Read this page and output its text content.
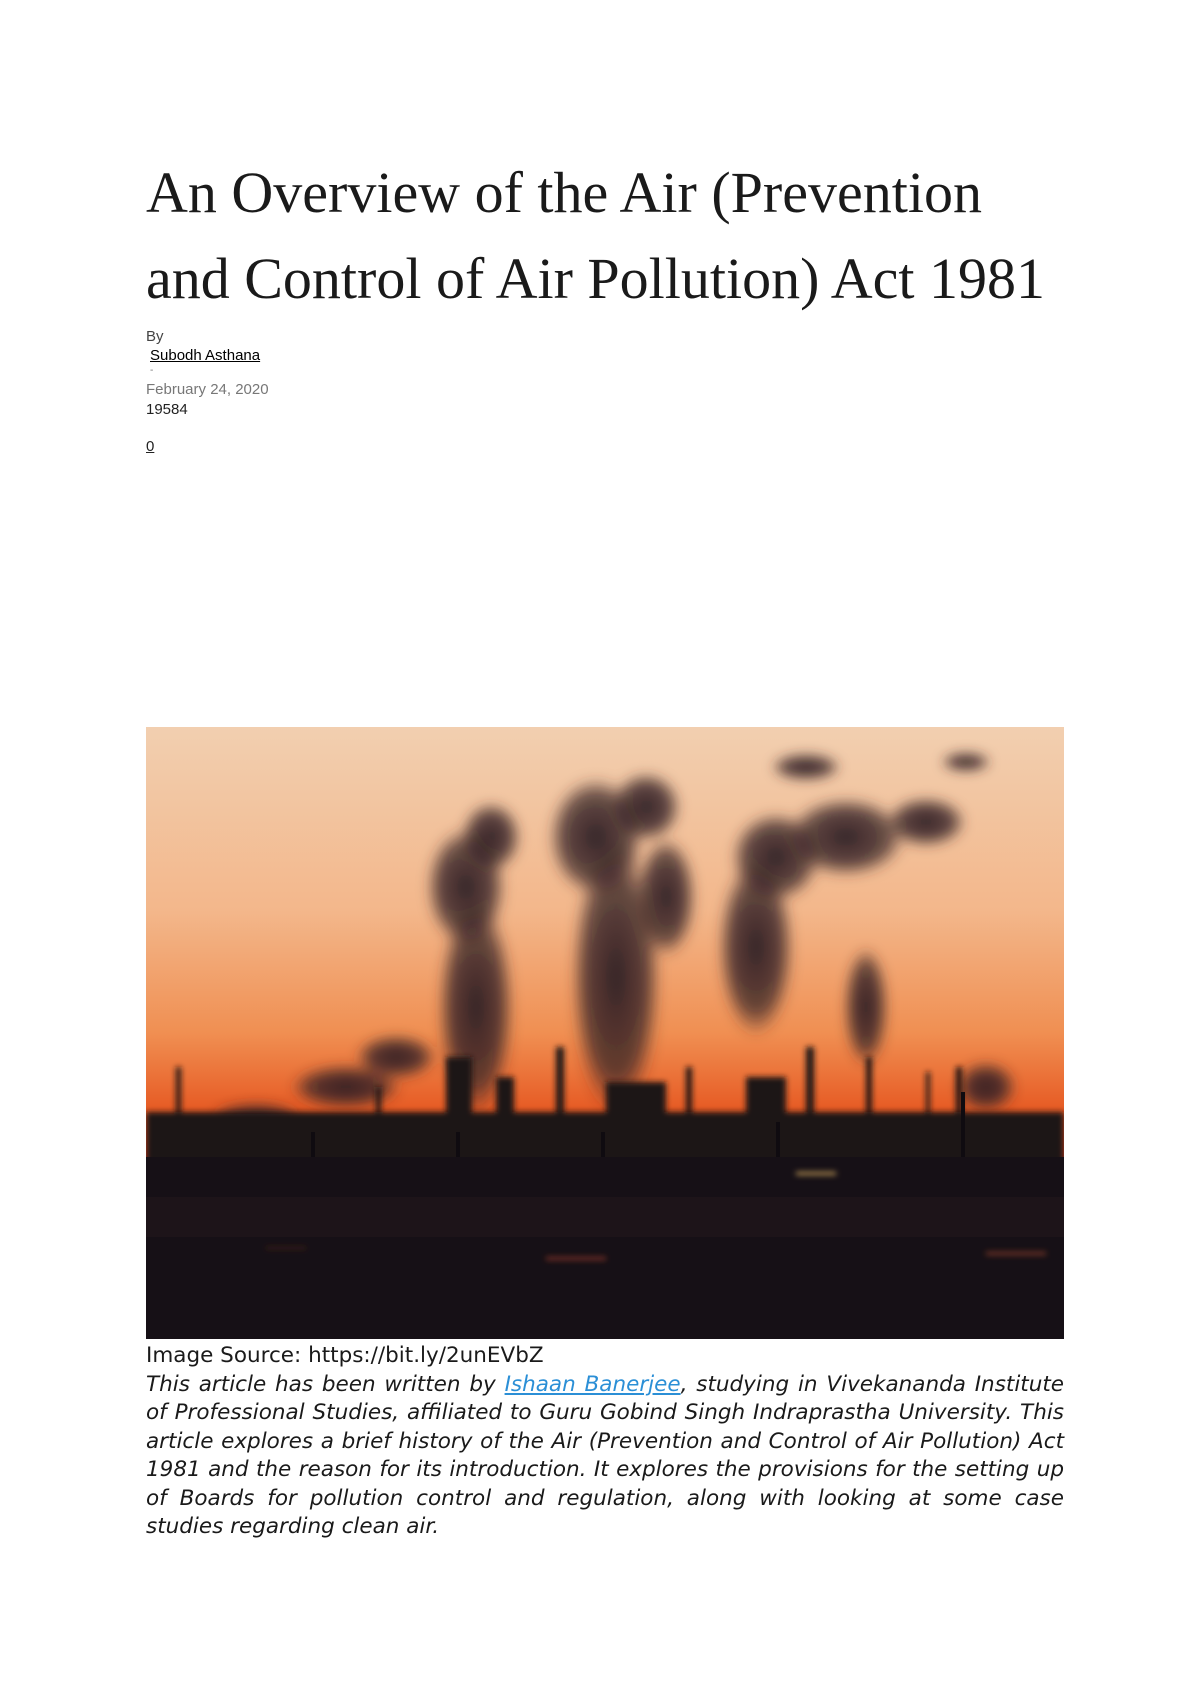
An Overview of the Air (Prevention and Control of Air Pollution) Act 1981
By
Subodh Asthana
-
February 24, 2020
19584
0
Image Source: https://bit.ly/2unEVbZ
This article has been written by Ishaan Banerjee, studying in Vivekananda Institute of Professional Studies, affiliated to Guru Gobind Singh Indraprastha University. This article explores a brief history of the Air (Prevention and Control of Air Pollution) Act 1981 and the reason for its introduction. It explores the provisions for the setting up of Boards for pollution control and regulation, along with looking at some case studies regarding clean air.
